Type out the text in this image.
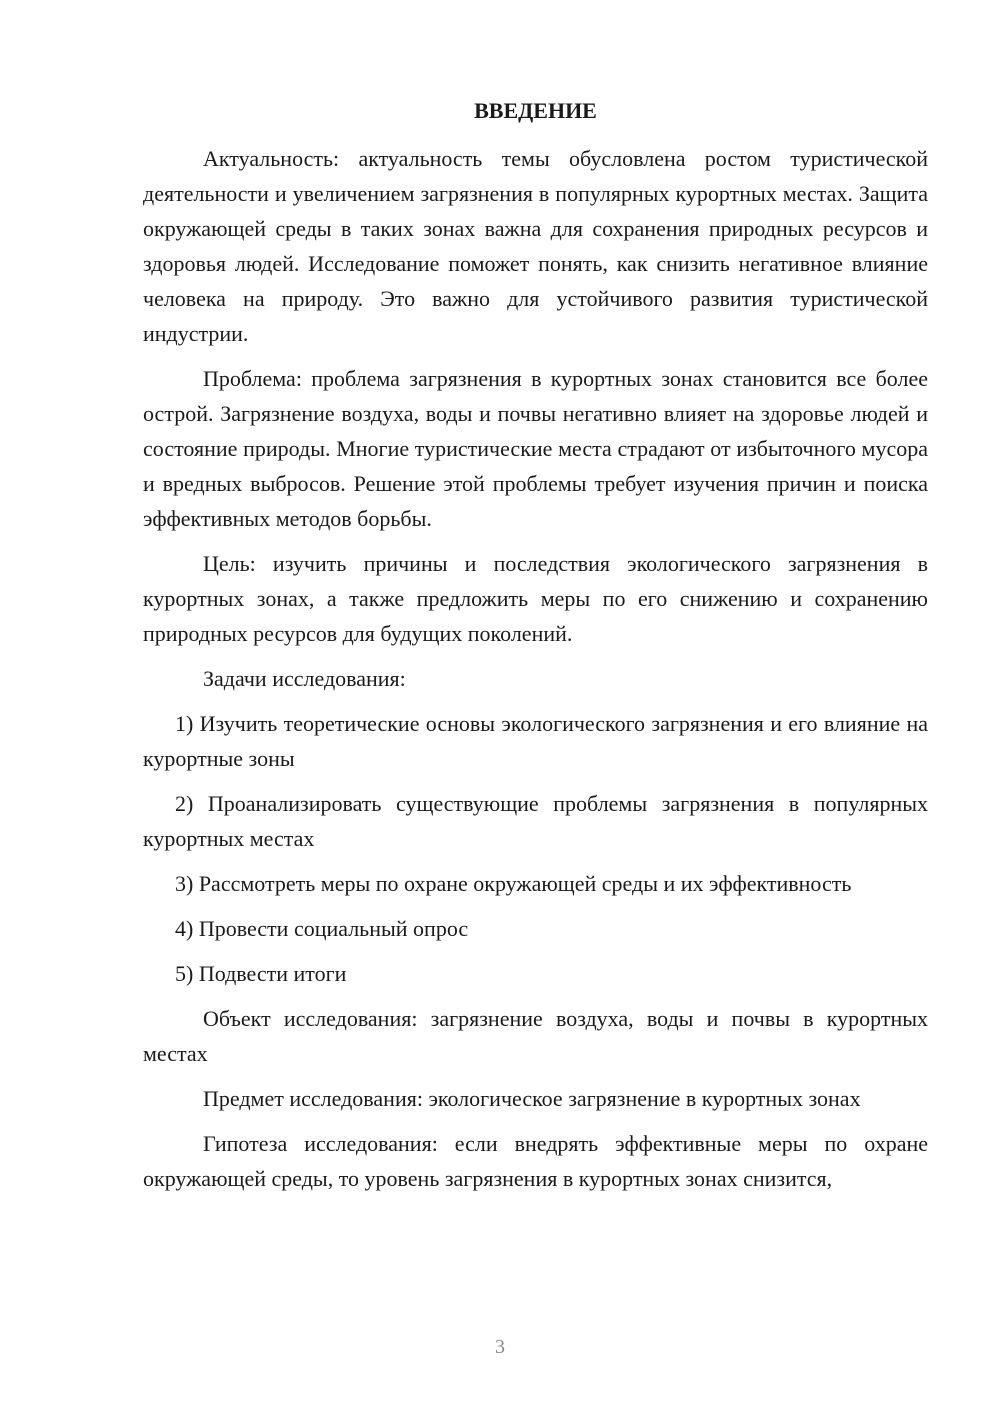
ВВЕДЕНИЕ

Актуальность: актуальность темы обусловлена ростом туристической деятельности и увеличением загрязнения в популярных курортных местах. Защита окружающей среды в таких зонах важна для сохранения природных ресурсов и здоровья людей. Исследование поможет понять, как снизить негативное влияние человека на природу. Это важно для устойчивого развития туристической индустрии.

Проблема: проблема загрязнения в курортных зонах становится все более острой. Загрязнение воздуха, воды и почвы негативно влияет на здоровье людей и состояние природы. Многие туристические места страдают от избыточного мусора и вредных выбросов. Решение этой проблемы требует изучения причин и поиска эффективных методов борьбы.

Цель: изучить причины и последствия экологического загрязнения в курортных зонах, а также предложить меры по его снижению и сохранению природных ресурсов для будущих поколений.

Задачи исследования:

1) Изучить теоретические основы экологического загрязнения и его влияние на курортные зоны

2) Проанализировать существующие проблемы загрязнения в популярных курортных местах

3) Рассмотреть меры по охране окружающей среды и их эффективность

4) Провести социальный опрос

5) Подвести итоги

Объект исследования: загрязнение воздуха, воды и почвы в курортных местах

Предмет исследования: экологическое загрязнение в курортных зонах

Гипотеза исследования: если внедрять эффективные меры по охране окружающей среды, то уровень загрязнения в курортных зонах снизится,

3
